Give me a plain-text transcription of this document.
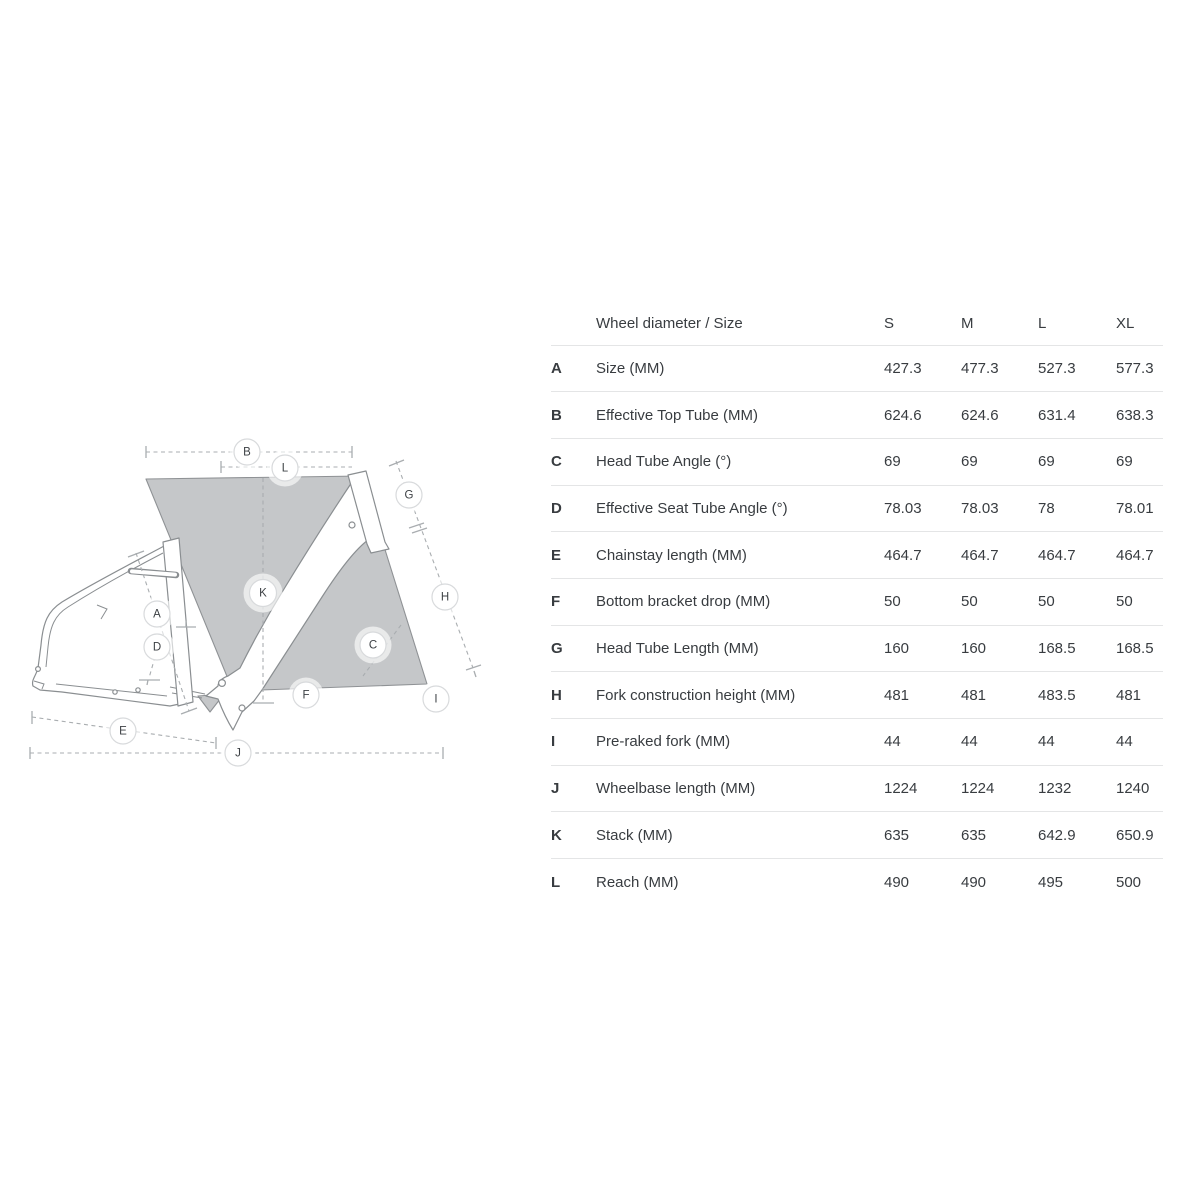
A
B
C
D
E
F
G
H
I
J
K
L
	Wheel diameter / Size	S	M	L	XL
A	Size (MM)	427.3	477.3	527.3	577.3
B	Effective Top Tube (MM)	624.6	624.6	631.4	638.3
C	Head Tube Angle (°)	69	69	69	69
D	Effective Seat Tube Angle (°)	78.03	78.03	78	78.01
E	Chainstay length (MM)	464.7	464.7	464.7	464.7
F	Bottom bracket drop (MM)	50	50	50	50
G	Head Tube Length (MM)	160	160	168.5	168.5
H	Fork construction height (MM)	481	481	483.5	481
I	Pre-raked fork (MM)	44	44	44	44
J	Wheelbase length (MM)	1224	1224	1232	1240
K	Stack (MM)	635	635	642.9	650.9
L	Reach (MM)	490	490	495	500
